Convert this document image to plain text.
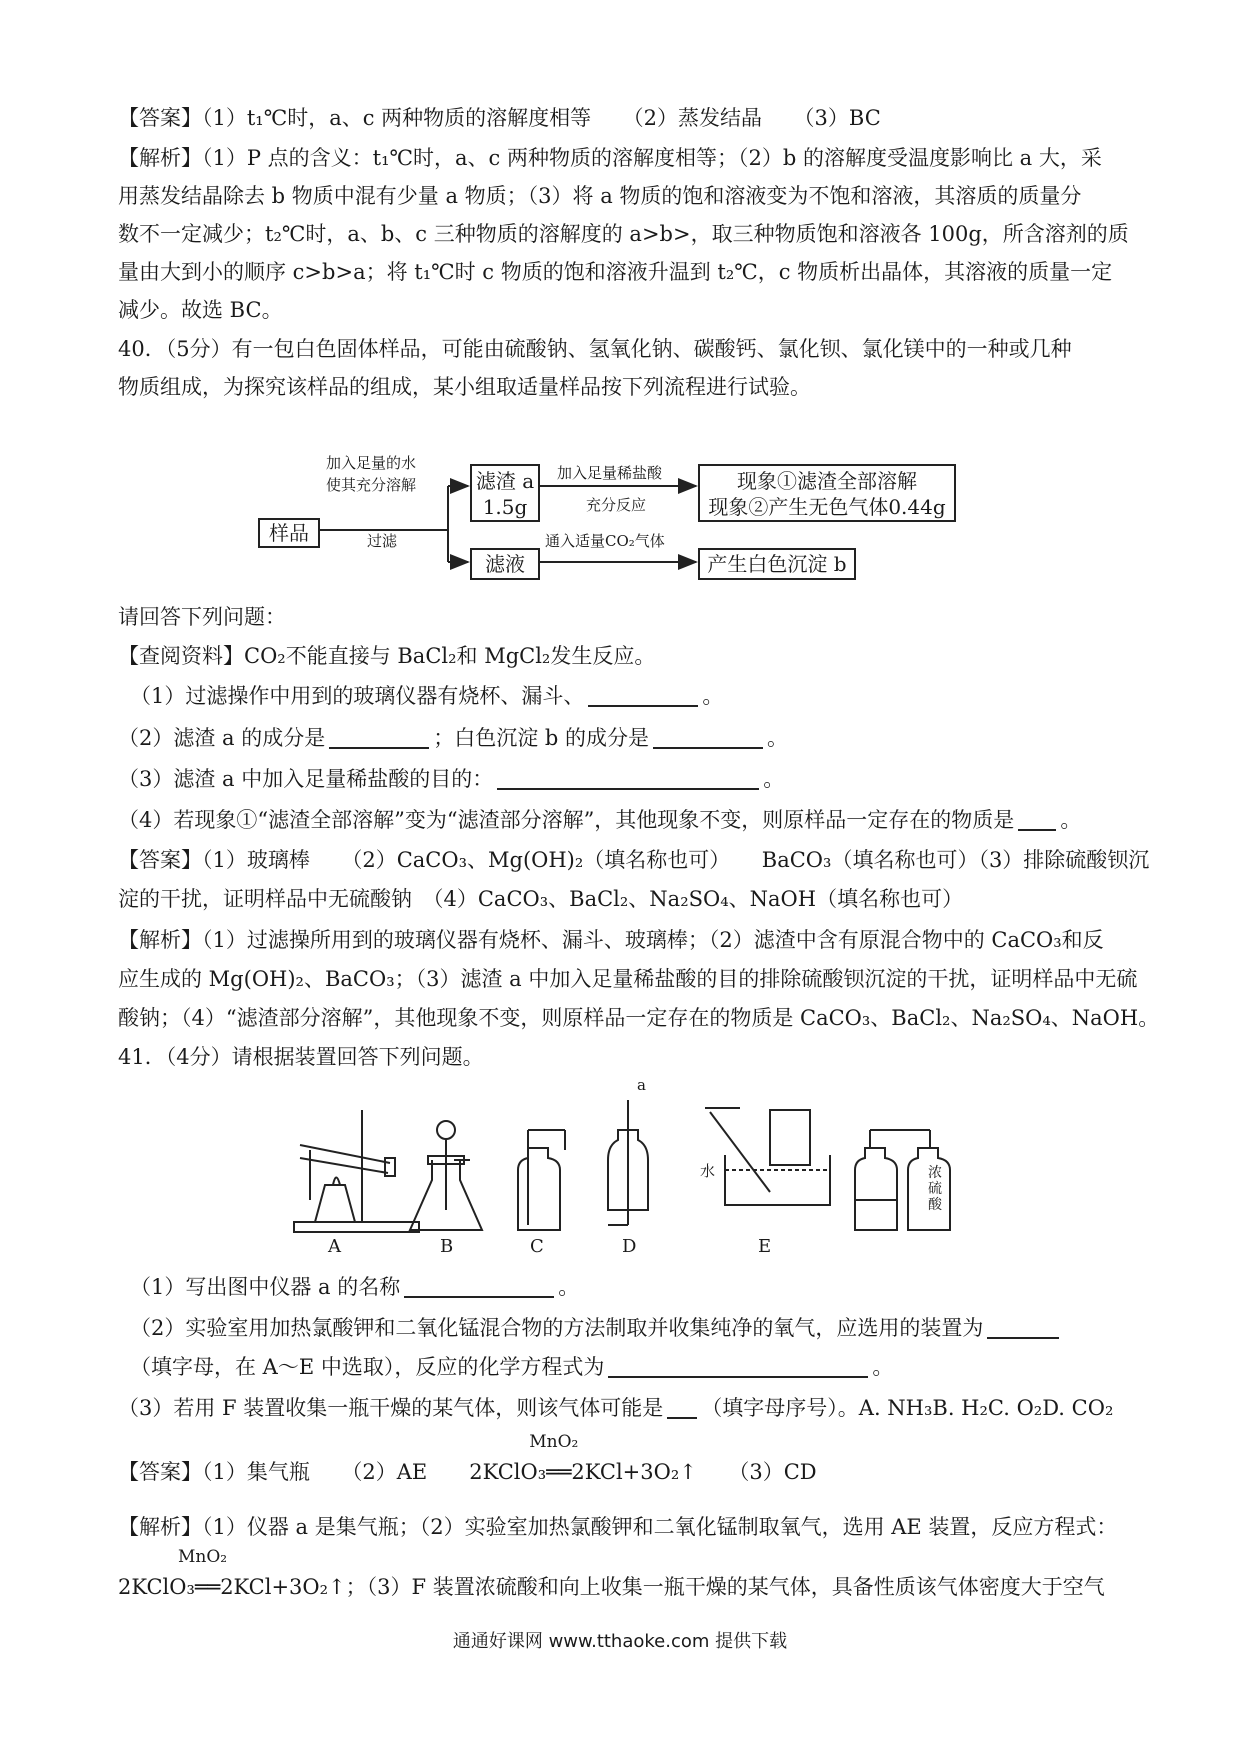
【答案】（1）t₁℃时，a、c 两种物质的溶解度相等　　（2）蒸发结晶　　（3）BC
【解析】（1）P 点的含义：t₁℃时，a、c 两种物质的溶解度相等；（2）b 的溶解度受温度影响比 a 大，采
用蒸发结晶除去 b 物质中混有少量 a 物质；（3）将 a 物质的饱和溶液变为不饱和溶液，其溶质的质量分
数不一定减少；t₂℃时，a、b、c 三种物质的溶解度的 a>b>，取三种物质饱和溶液各 100g，所含溶剂的质
量由大到小的顺序 c>b>a；将 t₁℃时 c 物质的饱和溶液升温到 t₂℃，c 物质析出晶体，其溶液的质量一定
减少。故选 BC。
40．（5分）有一包白色固体样品，可能由硫酸钠、氢氧化钠、碳酸钙、氯化钡、氯化镁中的一种或几种
物质组成，为探究该样品的组成，某小组取适量样品按下列流程进行试验。
样品
加入足量的水
使其充分溶解
过滤
滤渣 a
1.5g
加入足量稀盐酸
充分反应
现象①滤渣全部溶解
现象②产生无色气体0.44g
滤液
通入适量CO₂气体
产生白色沉淀 b
请回答下列问题：
【查阅资料】CO₂不能直接与 BaCl₂和 MgCl₂发生反应。
（1）过滤操作中用到的玻璃仪器有烧杯、漏斗、	。
（2）滤渣 a 的成分是	；白色沉淀 b 的成分是	。
（3）滤渣 a 中加入足量稀盐酸的目的：	。
（4）若现象①“滤渣全部溶解”变为“滤渣部分溶解”，其他现象不变，则原样品一定存在的物质是 。
【答案】（1）玻璃棒　　（2）CaCO₃、Mg(OH)₂（填名称也可）　　BaCO₃（填名称也可）（3）排除硫酸钡沉
淀的干扰，证明样品中无硫酸钠　（4）CaCO₃、BaCl₂、Na₂SO₄、NaOH（填名称也可）
【解析】（1）过滤操所用到的玻璃仪器有烧杯、漏斗、玻璃棒；（2）滤渣中含有原混合物中的 CaCO₃和反
应生成的 Mg(OH)₂、BaCO₃；（3）滤渣 a 中加入足量稀盐酸的目的排除硫酸钡沉淀的干扰，证明样品中无硫
酸钠；（4）“滤渣部分溶解”，其他现象不变，则原样品一定存在的物质是 CaCO₃、BaCl₂、Na₂SO₄、NaOH。
41．（4分）请根据装置回答下列问题。
A	B	C	D	E
a
水	浓硫酸
（1）写出图中仪器 a 的名称	。
（2）实验室用加热氯酸钾和二氧化锰混合物的方法制取并收集纯净的氧气，应选用的装置为
（填字母，在 A～E 中选取），反应的化学方程式为	。
（3）若用 F 装置收集一瓶干燥的某气体，则该气体可能是 （填字母序号）。A. NH₃B. H₂C. O₂D. CO₂
【答案】（1）集气瓶　　（2）AE　　
MnO₂
2KClO₃══2KCl+3O₂↑　　（3）CD
【解析】（1）仪器 a 是集气瓶；（2）实验室加热氯酸钾和二氧化锰制取氧气，选用 AE 装置，反应方程式：
MnO₂
2KClO₃══2KCl+3O₂↑；（3）F 装置浓硫酸和向上收集一瓶干燥的某气体，具备性质该气体密度大于空气
通通好课网 www.tthaoke.com 提供下载
